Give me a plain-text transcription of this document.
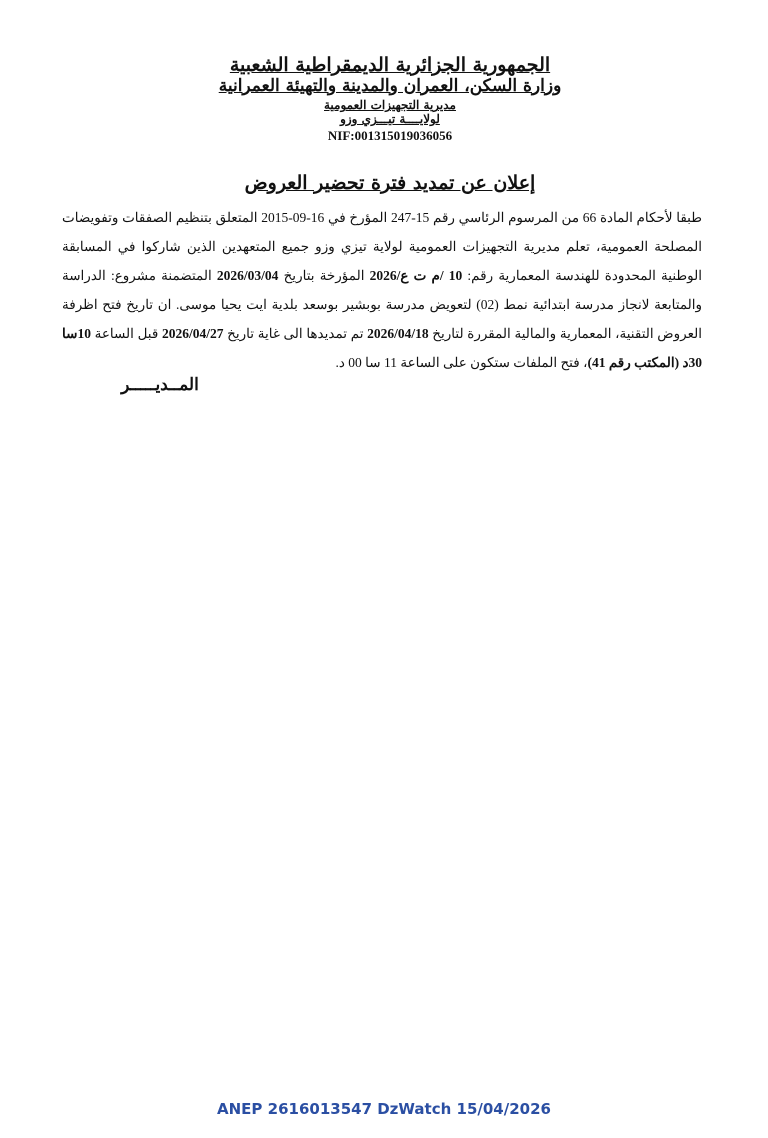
الجمهورية الجزائرية الديمقراطية الشعبية
وزارة السكن، العمران والمدينة والتهيئة العمرانية
مديرية التجهيزات العمومية
لولايــــة تيـــزي وزو
NIF:001315019036056
إعلان عن تمديد فترة تحضير العروض
طبقا لأحكام المادة 66 من المرسوم الرئاسي رقم 15-247 المؤرخ في 16-09-2015 المتعلق بتنظيم الصفقات وتفويضات المصلحة العمومية، تعلم مديرية التجهيزات العمومية لولاية تيزي وزو جميع المتعهدين الذين شاركوا في المسابقة الوطنية المحدودة للهندسة المعمارية رقم: 10 /م ت ع/2026 المؤرخة بتاريخ 2026/03/04 المتضمنة مشروع: الدراسة والمتابعة لانجاز مدرسة ابتدائية نمط (02) لتعويض مدرسة بوبشير بوسعد بلدية ايت يحيا موسى. ان تاريخ فتح اظرفة العروض التقنية، المعمارية والمالية المقررة لتاريخ 2026/04/18 تم تمديدها الى غاية تاريخ 2026/04/27 قبل الساعة 10سا 30د (المكتب رقم 41)، فتح الملفات ستكون على الساعة 11 سا 00 د.
المــديـــــر
ANEP 2616013547 DzWatch 15/04/2026
